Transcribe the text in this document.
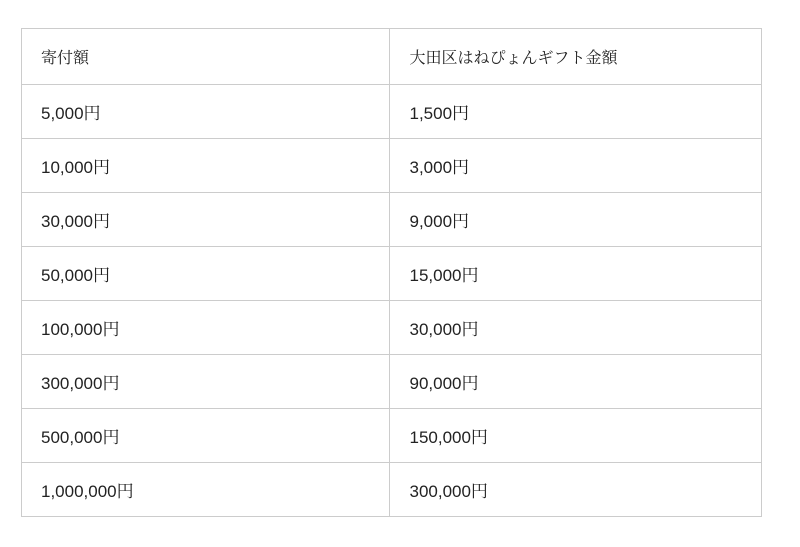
寄付額	大田区はねぴょんギフト金額
5,000円	1,500円
10,000円	3,000円
30,000円	9,000円
50,000円	15,000円
100,000円	30,000円
300,000円	90,000円
500,000円	150,000円
1,000,000円	300,000円
